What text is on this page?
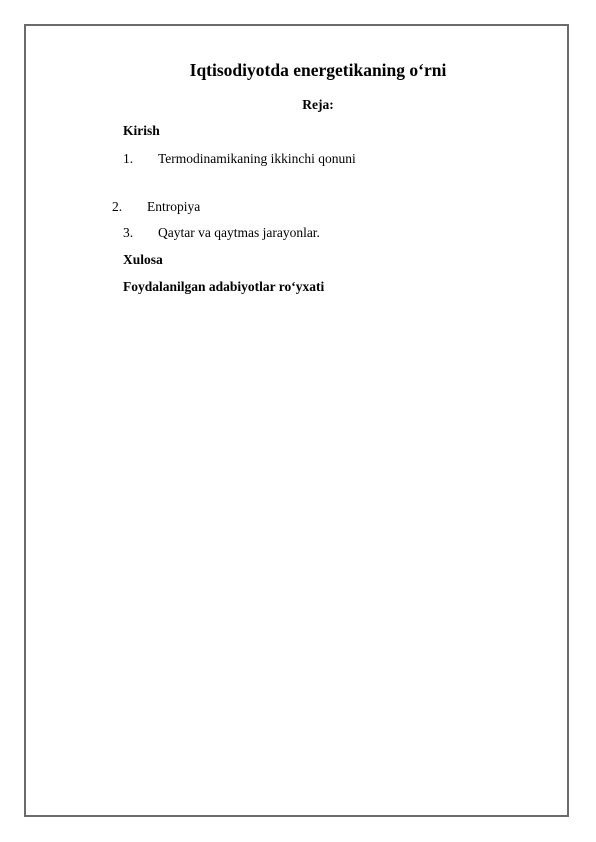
Iqtisodiyotda energetikaning o‘rni
Reja:
Kirish
1. Termodinamikaning ikkinchi qonuni
2. Entropiya
3. Qaytar va qaytmas jarayonlar.
Xulosa
Foydalanilgan adabiyotlar ro‘yxati
